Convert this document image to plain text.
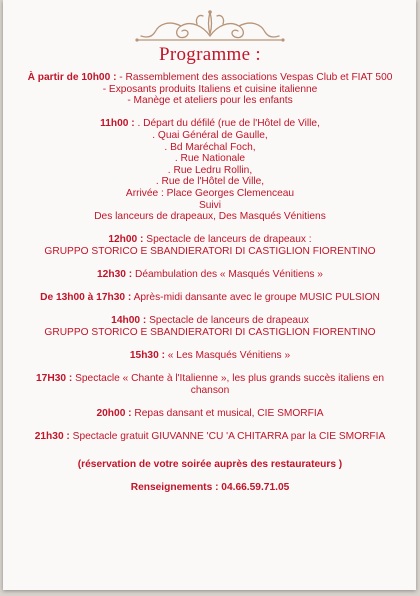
Programme :
À partir de 10h00 : - Rassemblement des associations Vespas Club et FIAT 500
- Exposants produits Italiens et cuisine italienne
- Manège et ateliers pour les enfants
11h00 : . Départ du défilé (rue de l'Hôtel de Ville,
. Quai Général de Gaulle,
. Bd Maréchal Foch,
. Rue Nationale
. Rue Ledru Rollin,
. Rue de l'Hôtel de Ville,
Arrivée : Place Georges Clemenceau
Suivi
Des lanceurs de drapeaux, Des Masqués Vénitiens
12h00 : Spectacle de lanceurs de drapeaux :
GRUPPO STORICO E SBANDIERATORI DI CASTIGLION FIORENTINO
12h30 : Déambulation des « Masqués Vénitiens »
De 13h00 à 17h30 : Après-midi dansante avec le groupe MUSIC PULSION
14h00 : Spectacle de lanceurs de drapeaux
GRUPPO STORICO E SBANDIERATORI DI CASTIGLION FIORENTINO
15h30 : « Les Masqués Vénitiens »
17H30 : Spectacle « Chante à l'Italienne », les plus grands succès italiens en
chanson
20h00 : Repas dansant et musical, CIE SMORFIA
21h30 : Spectacle gratuit GIUVANNE 'CU 'A CHITARRA par la CIE SMORFIA
(réservation de votre soirée auprès des restaurateurs )
Renseignements : 04.66.59.71.05
